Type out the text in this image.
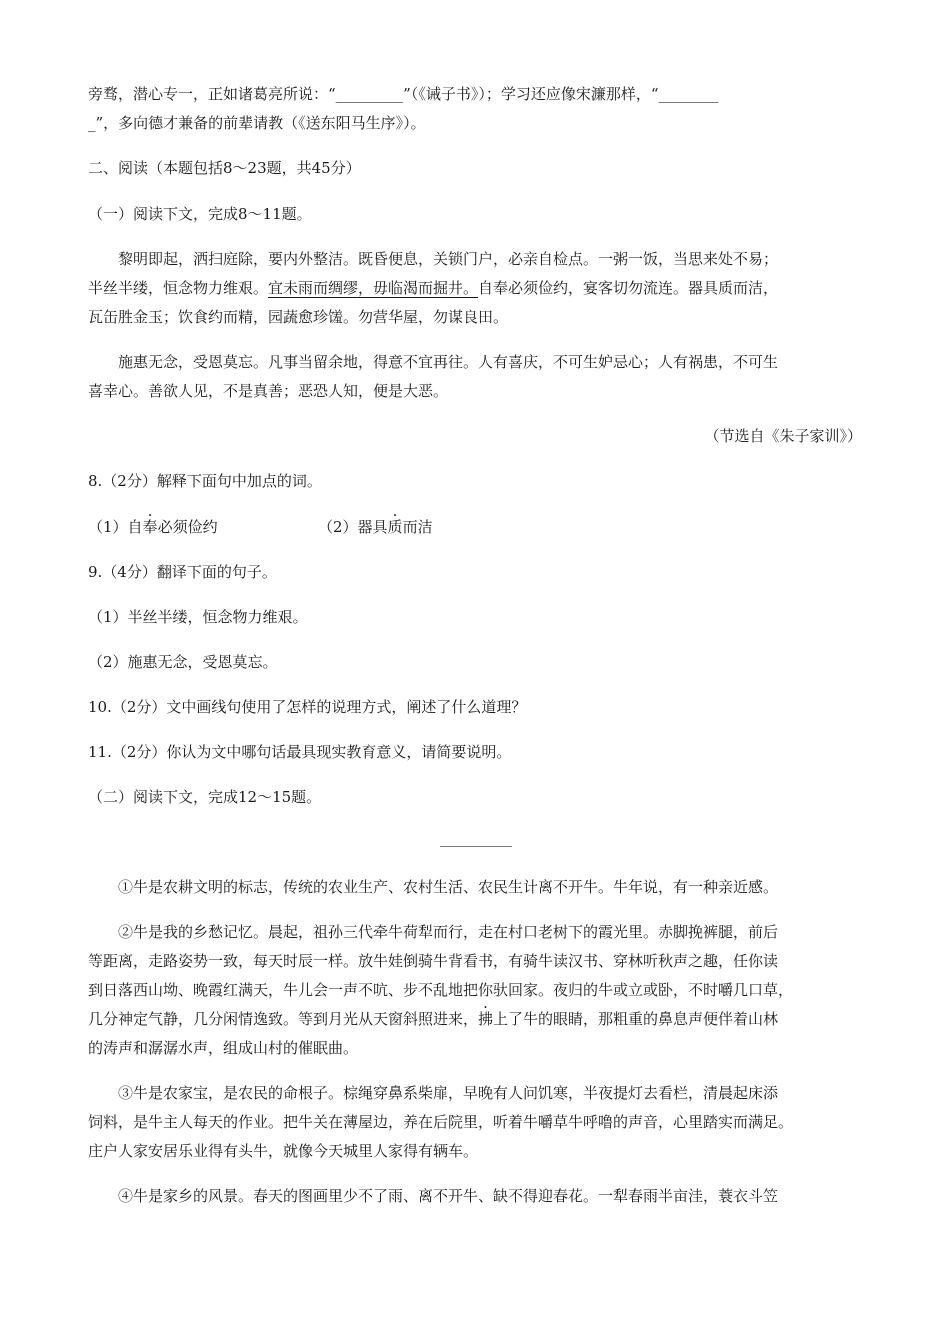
旁骛，潜心专一，正如诸葛亮所说：“_________”（《诫子书》）；学习还应像宋濂那样，“________
_”，多向德才兼备的前辈请教（《送东阳马生序》）。
二、阅读（本题包括8～23题，共45分）
（一）阅读下文，完成8～11题。
黎明即起，洒扫庭除，要内外整洁。既昏便息，关锁门户，必亲自检点。一粥一饭，当思来处不易；
半丝半缕，恒念物力维艰。宜未雨而绸缪，毋临渴而掘井。自奉必须俭约，宴客切勿流连。器具质而洁，
瓦缶胜金玉；饮食约而精，园蔬愈珍馐。勿营华屋，勿谋良田。
施惠无念，受恩莫忘。凡事当留余地，得意不宜再往。人有喜庆，不可生妒忌心；人有祸患，不可生
喜幸心。善欲人见，不是真善；恶恐人知，便是大恶。
（节选自《朱子家训》）
8.（2分）解释下面句中加点的词。
（1）自奉必须俭约	（2）器具质而洁
9.（4分）翻译下面的句子。
（1）半丝半缕，恒念物力维艰。
（2）施惠无念，受恩莫忘。
10.（2分）文中画线句使用了怎样的说理方式，阐述了什么道理？
11.（2分）你认为文中哪句话最具现实教育意义，请简要说明。
（二）阅读下文，完成12～15题。
①牛是农耕文明的标志，传统的农业生产、农村生活、农民生计离不开牛。牛年说，有一种亲近感。
②牛是我的乡愁记忆。晨起，祖孙三代牵牛荷犁而行，走在村口老树下的霞光里。赤脚挽裤腿，前后
等距离，走路姿势一致，每天时辰一样。放牛娃倒骑牛背看书，有骑牛读汉书、穿林听秋声之趣，任你读
到日落西山坳、晚霞红满天，牛儿会一声不吭、步不乱地把你驮回家。夜归的牛或立或卧，不时嚼几口草，
几分神定气静，几分闲情逸致。等到月光从天窗斜照进来，拂上了牛的眼睛，那粗重的鼻息声便伴着山林
的涛声和潺潺水声，组成山村的催眠曲。
③牛是农家宝，是农民的命根子。棕绳穿鼻系柴扉，早晚有人问饥寒，半夜提灯去看栏，清晨起床添
饲料，是牛主人每天的作业。把牛关在薄屋边，养在后院里，听着牛嚼草牛呼噜的声音，心里踏实而满足。
庄户人家安居乐业得有头牛，就像今天城里人家得有辆车。
④牛是家乡的风景。春天的图画里少不了雨、离不开牛、缺不得迎春花。一犁春雨半亩洼，蓑衣斗笠
